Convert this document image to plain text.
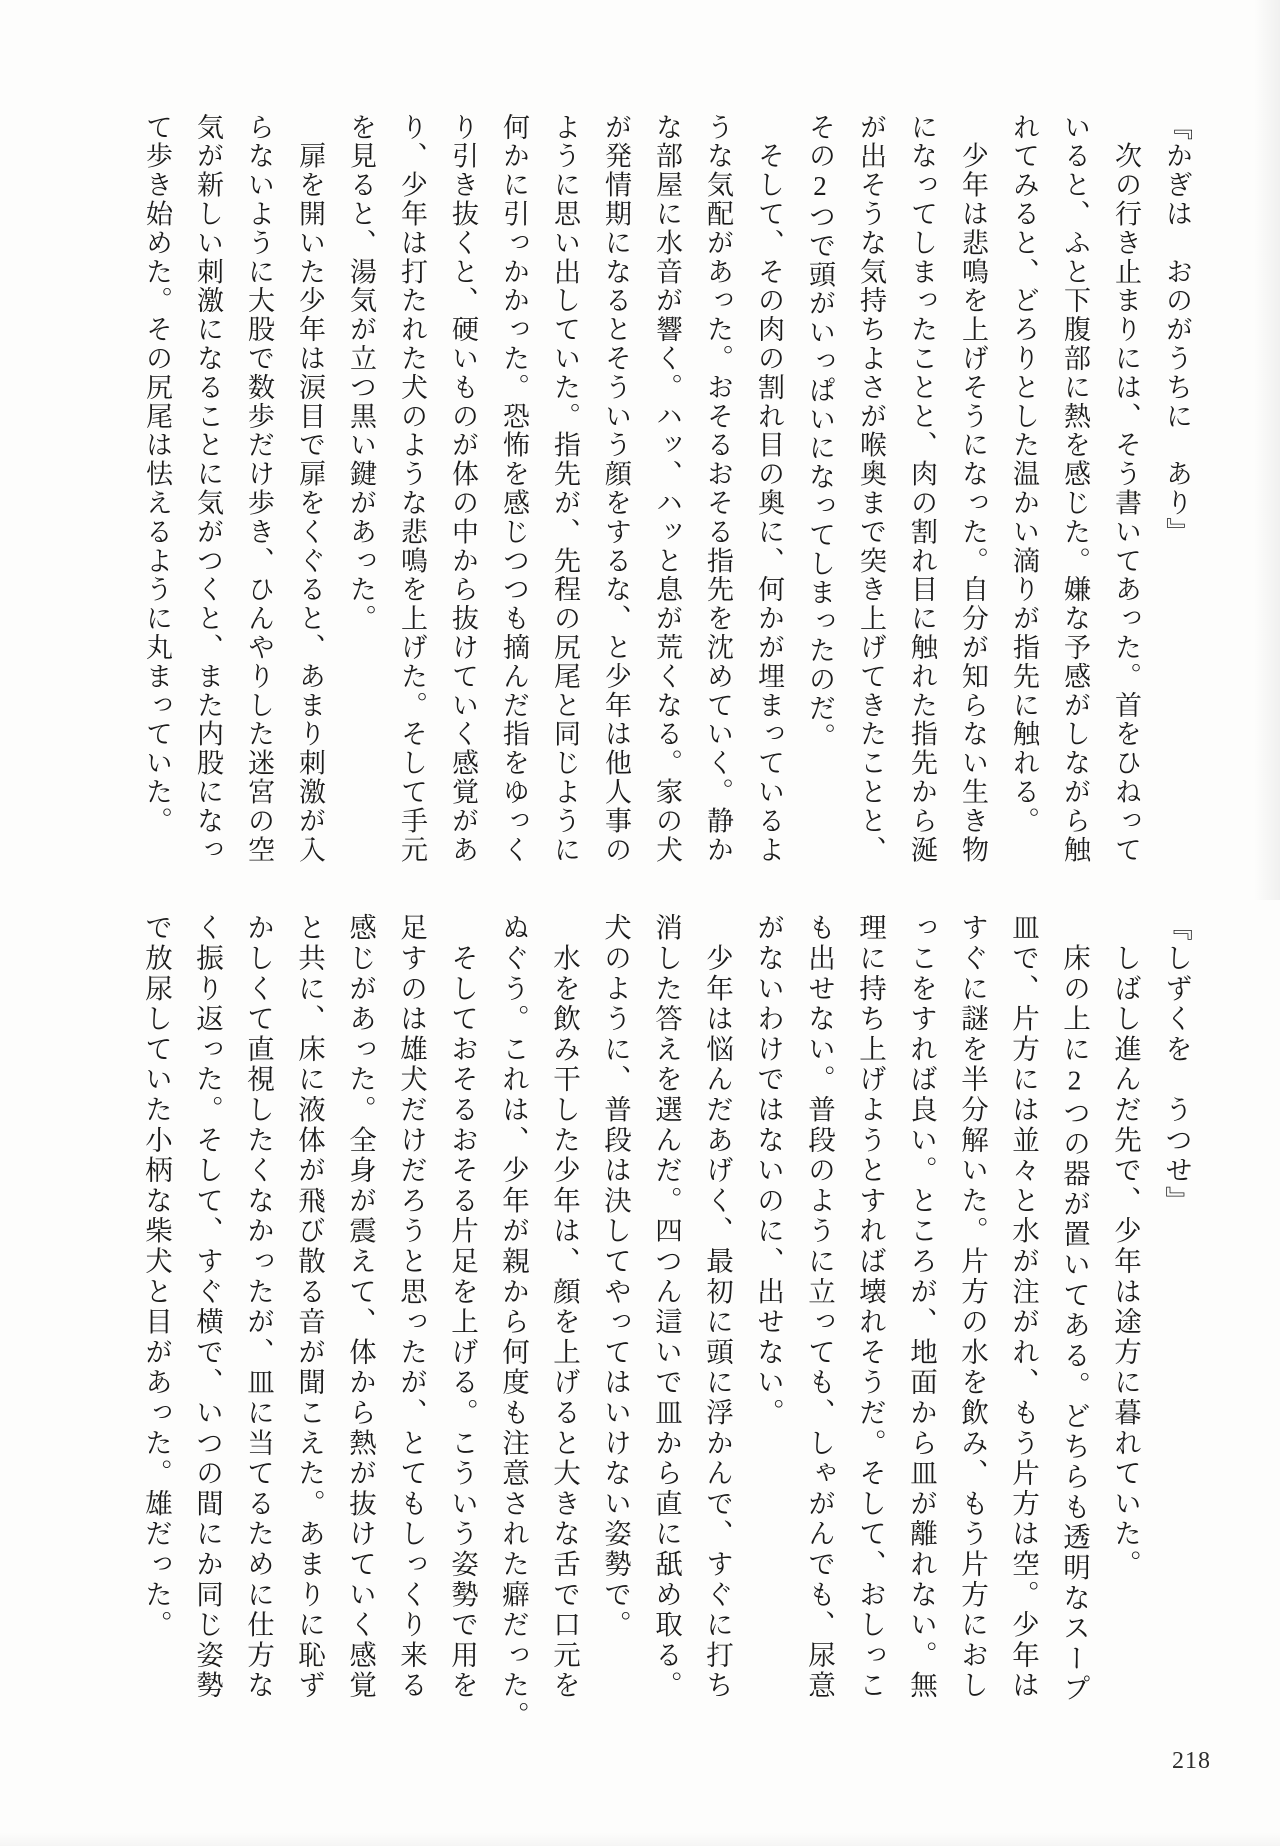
『かぎは　おのがうちに　あり』

　次の行き止まりには、そう書いてあった。首をひねって

いると、ふと下腹部に熱を感じた。嫌な予感がしながら触

れてみると、どろりとした温かい滴りが指先に触れる。

　少年は悲鳴を上げそうになった。自分が知らない生き物

になってしまったことと、肉の割れ目に触れた指先から涎

が出そうな気持ちよさが喉奥まで突き上げてきたことと、

その2つで頭がいっぱいになってしまったのだ。

　そして、その肉の割れ目の奥に、何かが埋まっているよ

うな気配があった。おそるおそる指先を沈めていく。静か

な部屋に水音が響く。ハッ、ハッと息が荒くなる。家の犬

が発情期になるとそういう顔をするな、と少年は他人事の

ように思い出していた。指先が、先程の尻尾と同じように

何かに引っかかった。恐怖を感じつつも摘んだ指をゆっく

り引き抜くと、硬いものが体の中から抜けていく感覚があ

り、少年は打たれた犬のような悲鳴を上げた。そして手元

を見ると、湯気が立つ黒い鍵があった。

　扉を開いた少年は涙目で扉をくぐると、あまり刺激が入

らないように大股で数歩だけ歩き、ひんやりした迷宮の空

気が新しい刺激になることに気がつくと、また内股になっ

て歩き始めた。その尻尾は怯えるように丸まっていた。

『しずくを　うつせ』

　しばし進んだ先で、少年は途方に暮れていた。

　床の上に2つの器が置いてある。どちらも透明なスープ

皿で、片方には並々と水が注がれ、もう片方は空。少年は

すぐに謎を半分解いた。片方の水を飲み、もう片方におし

っこをすれば良い。ところが、地面から皿が離れない。無

理に持ち上げようとすれば壊れそうだ。そして、おしっこ

も出せない。普段のように立っても、しゃがんでも、尿意

がないわけではないのに、出せない。

　少年は悩んだあげく、最初に頭に浮かんで、すぐに打ち

消した答えを選んだ。四つん這いで皿から直に舐め取る。

犬のように、普段は決してやってはいけない姿勢で。

　水を飲み干した少年は、顔を上げると大きな舌で口元を

ぬぐう。これは、少年が親から何度も注意された癖だった。

　そしておそるおそる片足を上げる。こういう姿勢で用を

足すのは雄犬だけだろうと思ったが、とてもしっくり来る

感じがあった。全身が震えて、体から熱が抜けていく感覚

と共に、床に液体が飛び散る音が聞こえた。あまりに恥ず

かしくて直視したくなかったが、皿に当てるために仕方な

く振り返った。そして、すぐ横で、いつの間にか同じ姿勢

で放尿していた小柄な柴犬と目があった。雄だった。

218
